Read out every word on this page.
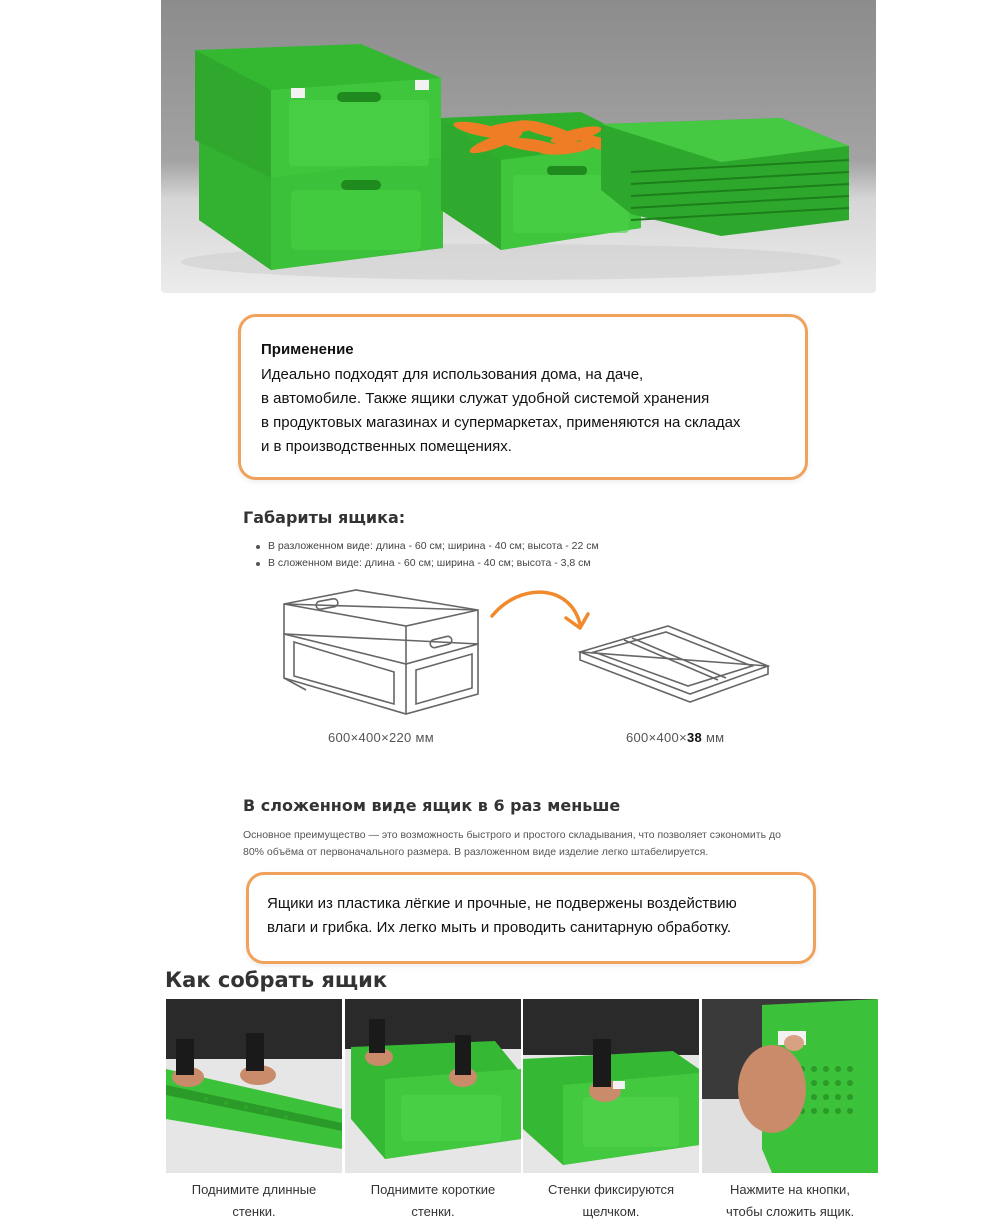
Применение
Идеально подходят для использования дома, на даче,
в автомобиле. Также ящики служат удобной системой хранения
в продуктовых магазинах и супермаркетах, применяются на складах
и в производственных помещениях.
Габариты ящика:
В разложенном виде: длина - 60 см; ширина - 40 см; высота - 22 см
В сложенном виде: длина - 60 см; ширина - 40 см; высота - 3,8 см
600×400×220 мм	600×400×38 мм
В сложенном виде ящик в 6 раз меньше
Основное преимущество — это возможность быстрого и простого складывания, что позволяет сэкономить до
80% объёма от первоначального размера. В разложенном виде изделие легко штабелируется.
Ящики из пластика лёгкие и прочные, не подвержены воздействию
влаги и грибка. Их легко мыть и проводить санитарную обработку.
Как собрать ящик
Поднимите длинные
стенки.
Поднимите короткие
стенки.
Стенки фиксируются
щелчком.
Нажмите на кнопки,
чтобы сложить ящик.
